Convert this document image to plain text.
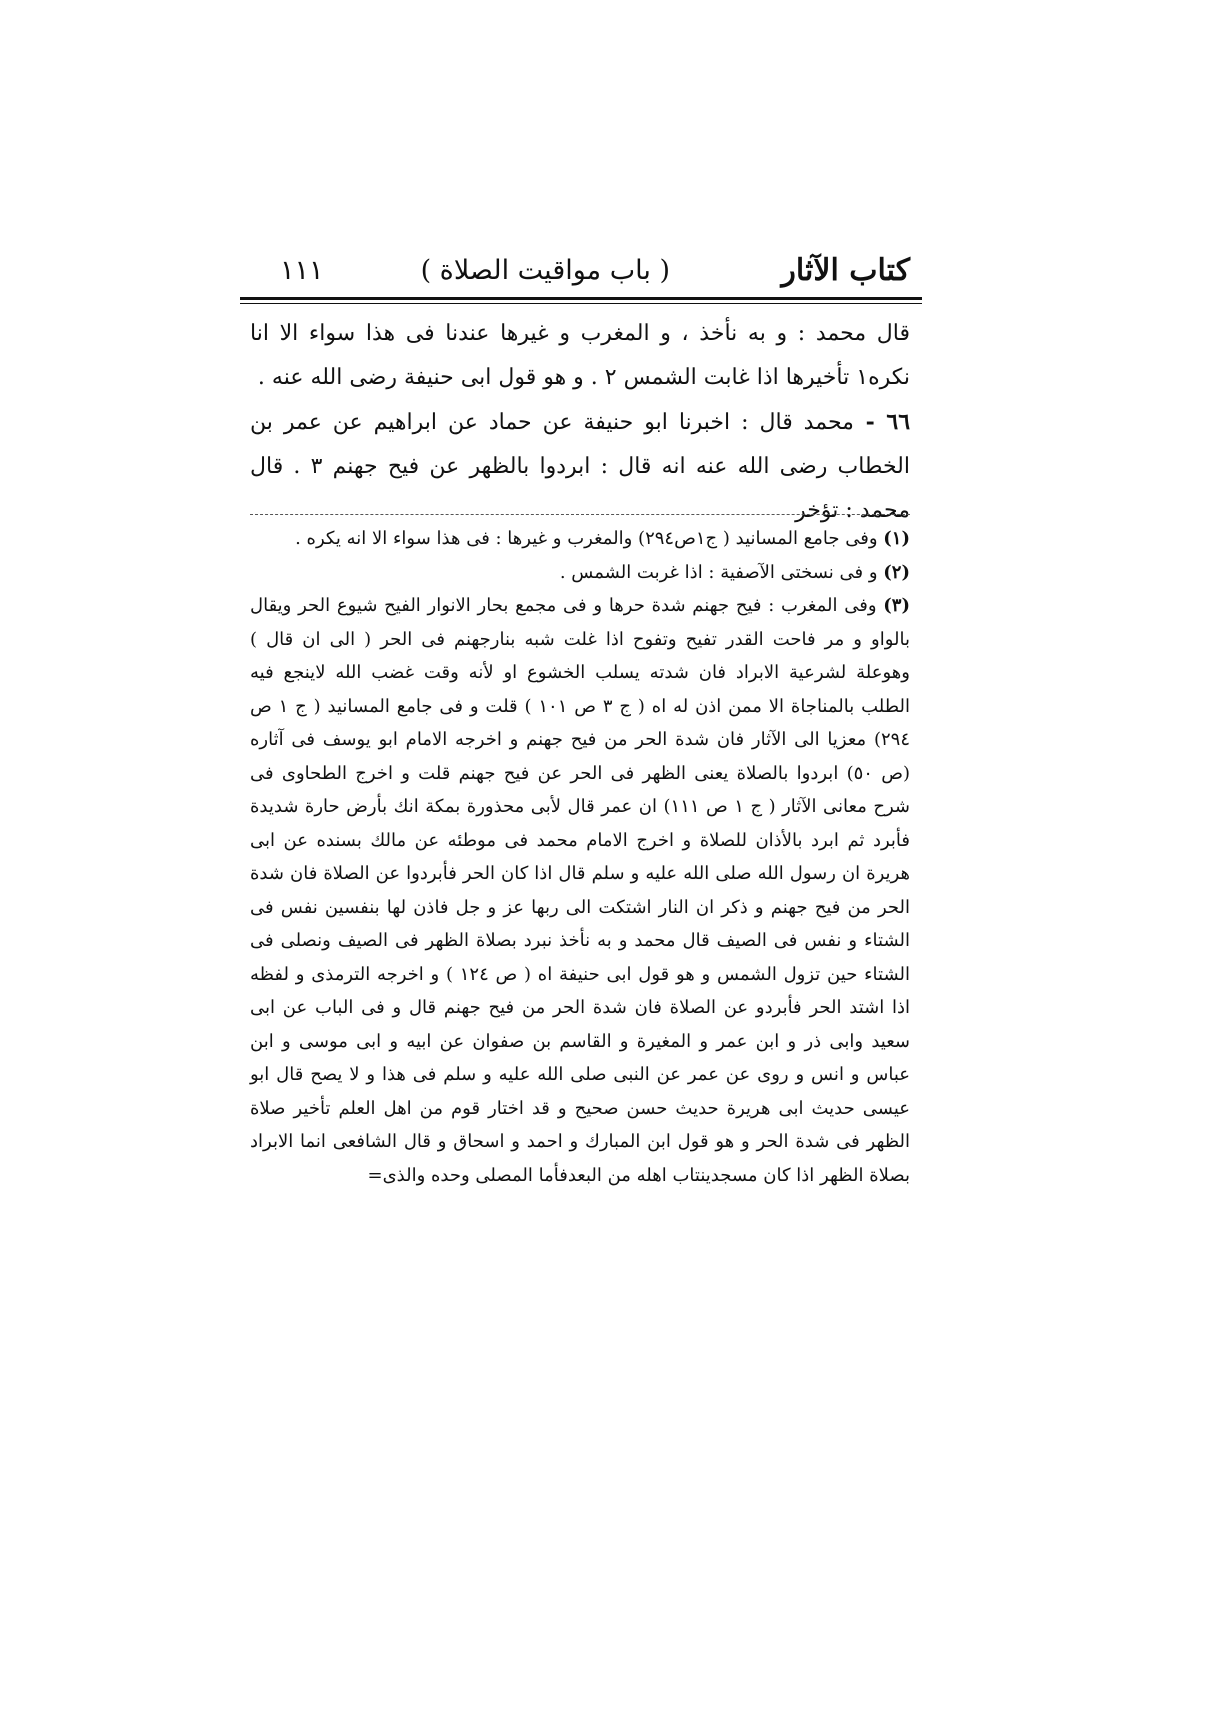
كتاب الآثار
( باب مواقيت الصلاة )
١١١

قال محمد : و به نأخذ ، و المغرب و غيرها عندنا فى هذا سواء الا انا نكره١ تأخيرها اذا غابت الشمس ٢ . و هو قول ابى حنيفة رضى الله عنه .

٦٦ - محمد قال : اخبرنا ابو حنيفة عن حماد عن ابراهيم عن عمر بن الخطاب رضى الله عنه انه قال : ابردوا بالظهر عن فيح جهنم ٣ . قال محمد : تؤخر

(١) وفى جامع المسانيد ( ج١ص٢٩٤) والمغرب و غيرها : فى هذا سواء الا انه يكره .

(٢) و فى نسختى الآصفية : اذا غربت الشمس .

(٣) وفى المغرب : فيح جهنم شدة حرها و فى مجمع بحار الانوار الفيح شيوع الحر ويقال بالواو و مر فاحت القدر تفيح وتفوح اذا غلت شبه بنارجهنم فى الحر ( الى ان قال ) وهوعلة لشرعية الابراد فان شدته يسلب الخشوع او لأنه وقت غضب الله لاينجع فيه الطلب بالمناجاة الا ممن اذن له اه ( ج ٣ ص ١٠١ ) قلت و فى جامع المسانيد ( ج ١ ص ٢٩٤) معزيا الى الآثار فان شدة الحر من فيح جهنم و اخرجه الامام ابو يوسف فى آثاره (ص ٥٠) ابردوا بالصلاة يعنى الظهر فى الحر عن فيح جهنم قلت و اخرج الطحاوى فى شرح معانى الآثار ( ج ١ ص ١١١) ان عمر قال لأبى محذورة بمكة انك بأرض حارة شديدة فأبرد ثم ابرد بالأذان للصلاة و اخرج الامام محمد فى موطئه عن مالك بسنده عن ابى هريرة ان رسول الله صلى الله عليه و سلم قال اذا كان الحر فأبردوا عن الصلاة فان شدة الحر من فيح جهنم و ذكر ان النار اشتكت الى ربها عز و جل فاذن لها بنفسين نفس فى الشتاء و نفس فى الصيف قال محمد و به نأخذ نبرد بصلاة الظهر فى الصيف ونصلى فى الشتاء حين تزول الشمس و هو قول ابى حنيفة اه ( ص ١٢٤ ) و اخرجه الترمذى و لفظه اذا اشتد الحر فأبردو عن الصلاة فان شدة الحر من فيح جهنم قال و فى الباب عن ابى سعيد وابى ذر و ابن عمر و المغيرة و القاسم بن صفوان عن ابيه و ابى موسى و ابن عباس و انس و روى عن عمر عن النبى صلى الله عليه و سلم فى هذا و لا يصح قال ابو عيسى حديث ابى هريرة حديث حسن صحيح و قد اختار قوم من اهل العلم تأخير صلاة الظهر فى شدة الحر و هو قول ابن المبارك و احمد و اسحاق و قال الشافعى انما الابراد بصلاة الظهر اذا كان مسجدينتاب اهله من البعدفأما المصلى وحده والذى=
